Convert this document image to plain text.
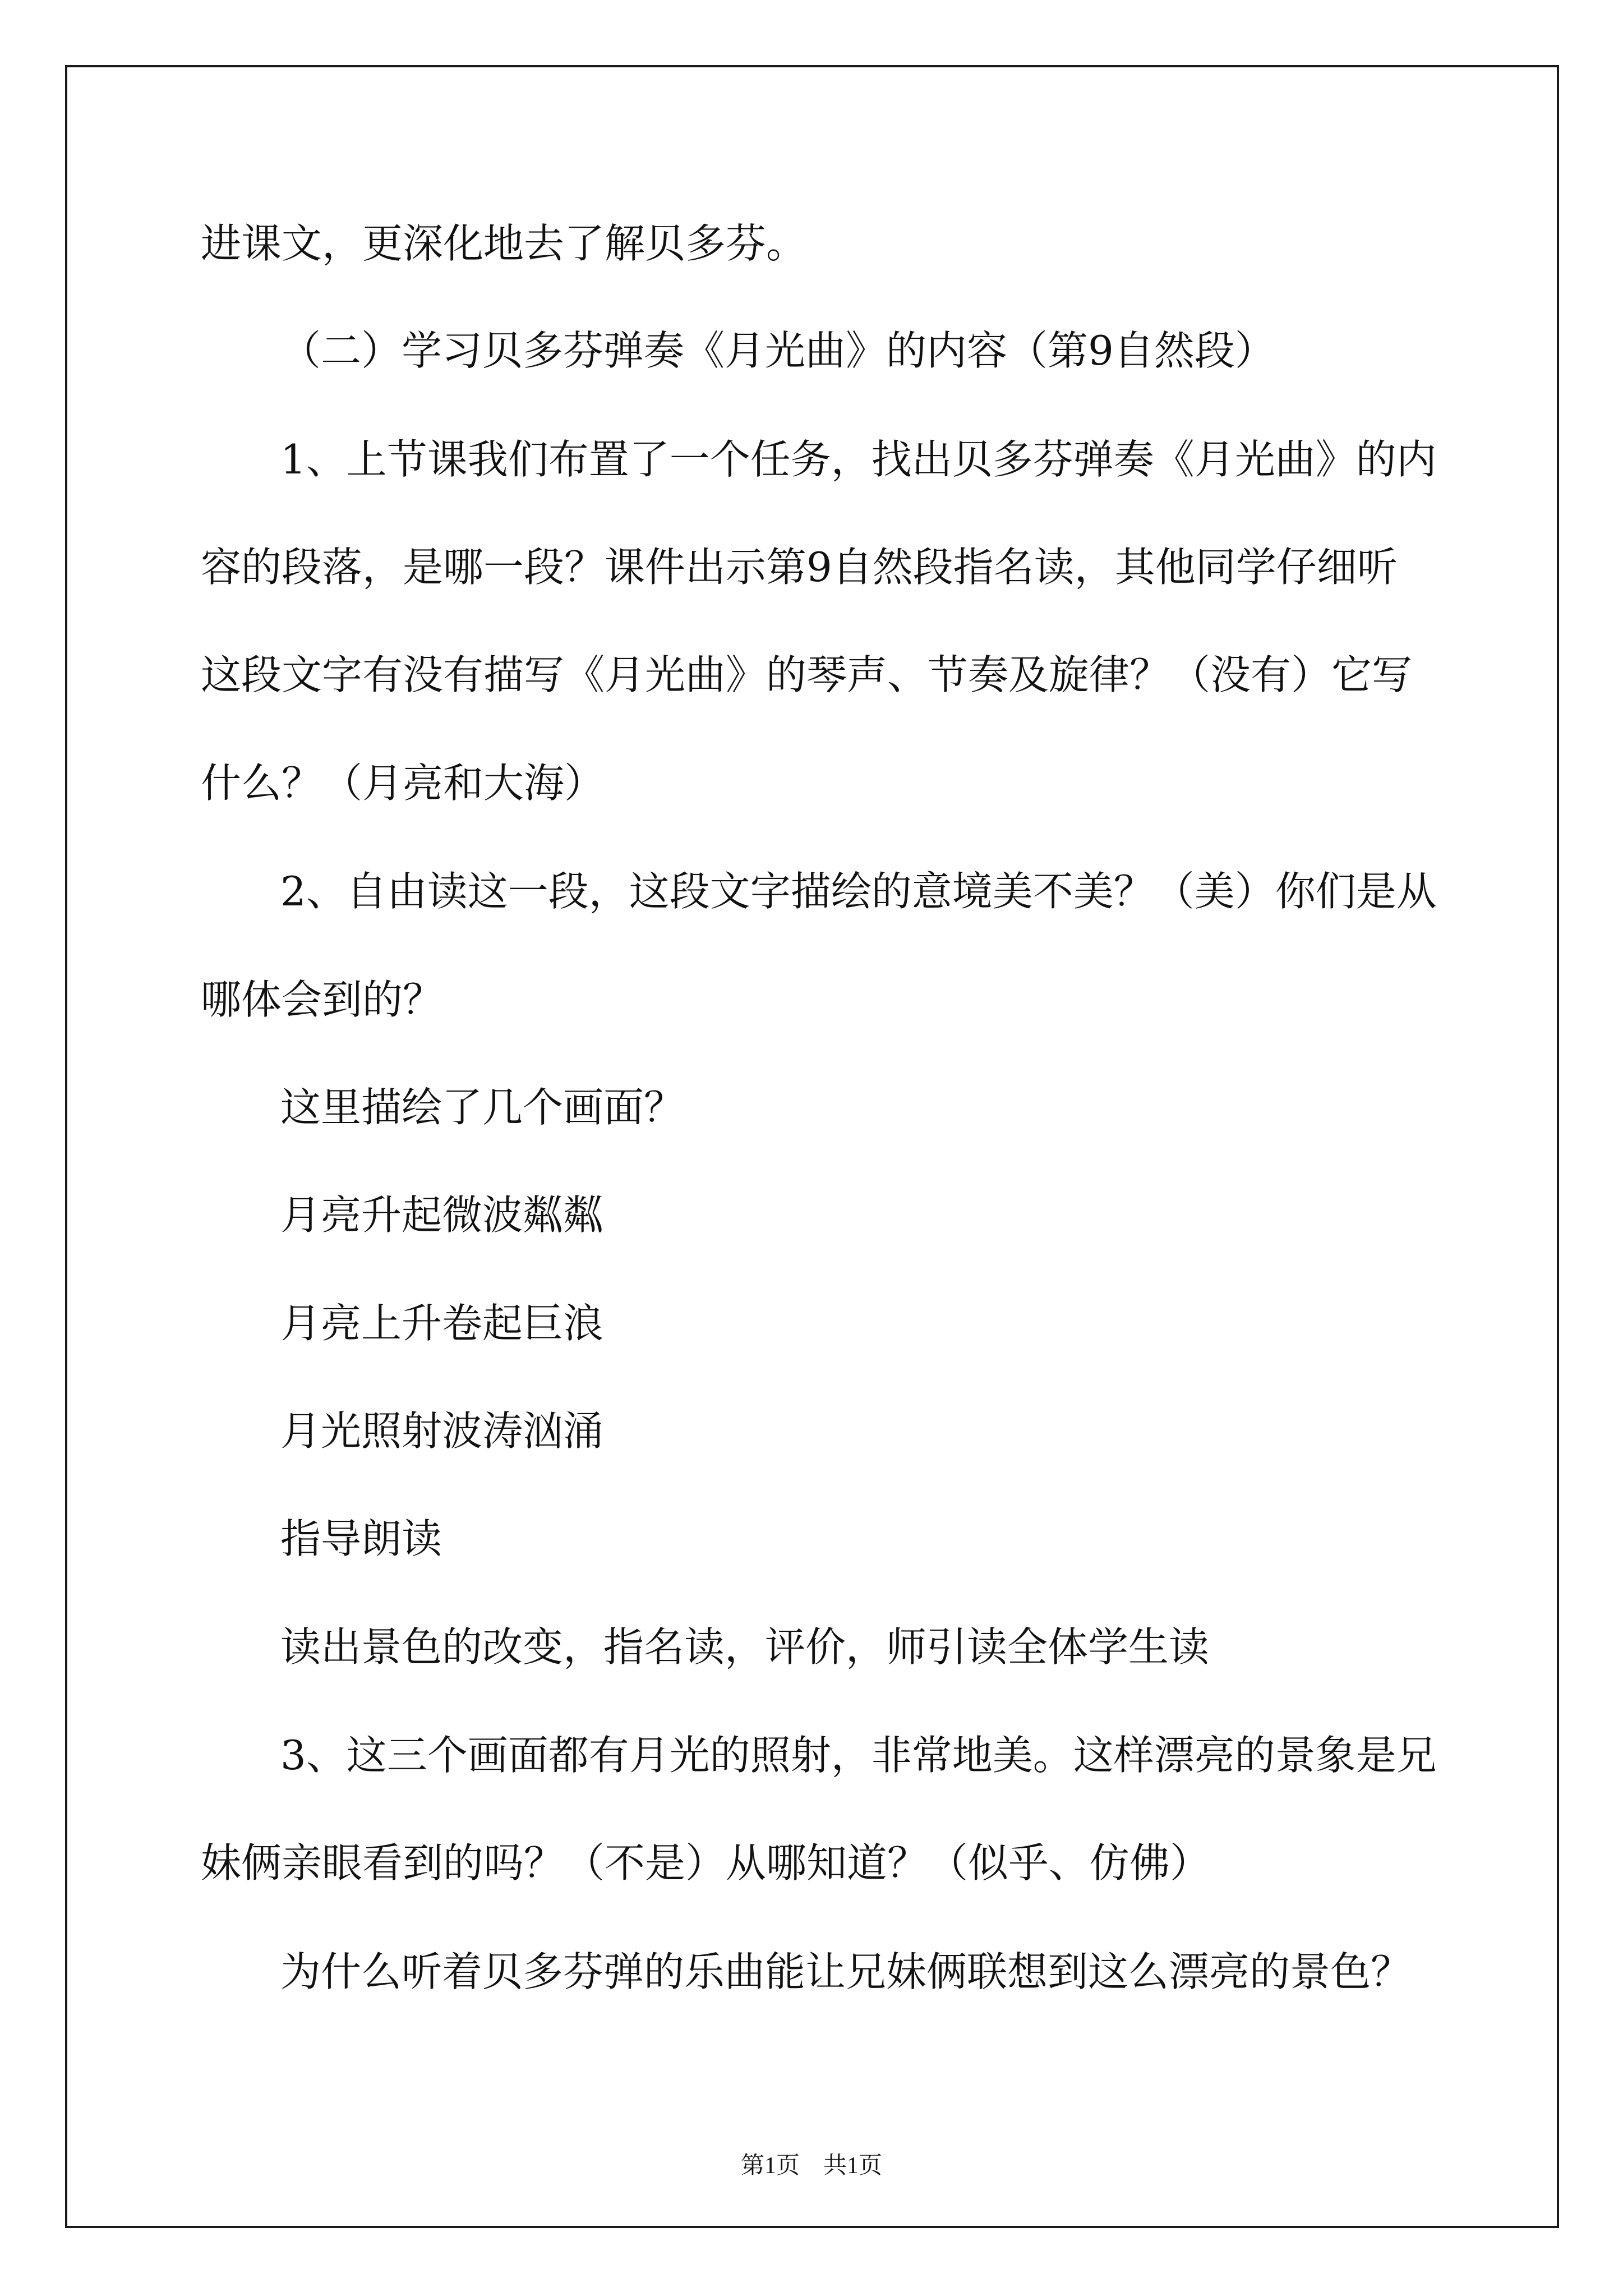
进课文，更深化地去了解贝多芬。
（二）学习贝多芬弹奏《月光曲》的内容（第9自然段）
1、上节课我们布置了一个任务，找出贝多芬弹奏《月光曲》的内
容的段落，是哪一段？课件出示第9自然段指名读，其他同学仔细听
这段文字有没有描写《月光曲》的琴声、节奏及旋律？（没有）它写
什么？（月亮和大海）
2、自由读这一段，这段文字描绘的意境美不美？（美）你们是从
哪体会到的？
这里描绘了几个画面？
月亮升起微波粼粼
月亮上升卷起巨浪
月光照射波涛汹涌
指导朗读
读出景色的改变，指名读，评价，师引读全体学生读
3、这三个画面都有月光的照射，非常地美。这样漂亮的景象是兄
妹俩亲眼看到的吗？（不是）从哪知道？（似乎、仿佛）
为什么听着贝多芬弹的乐曲能让兄妹俩联想到这么漂亮的景色？
第1页　共1页
